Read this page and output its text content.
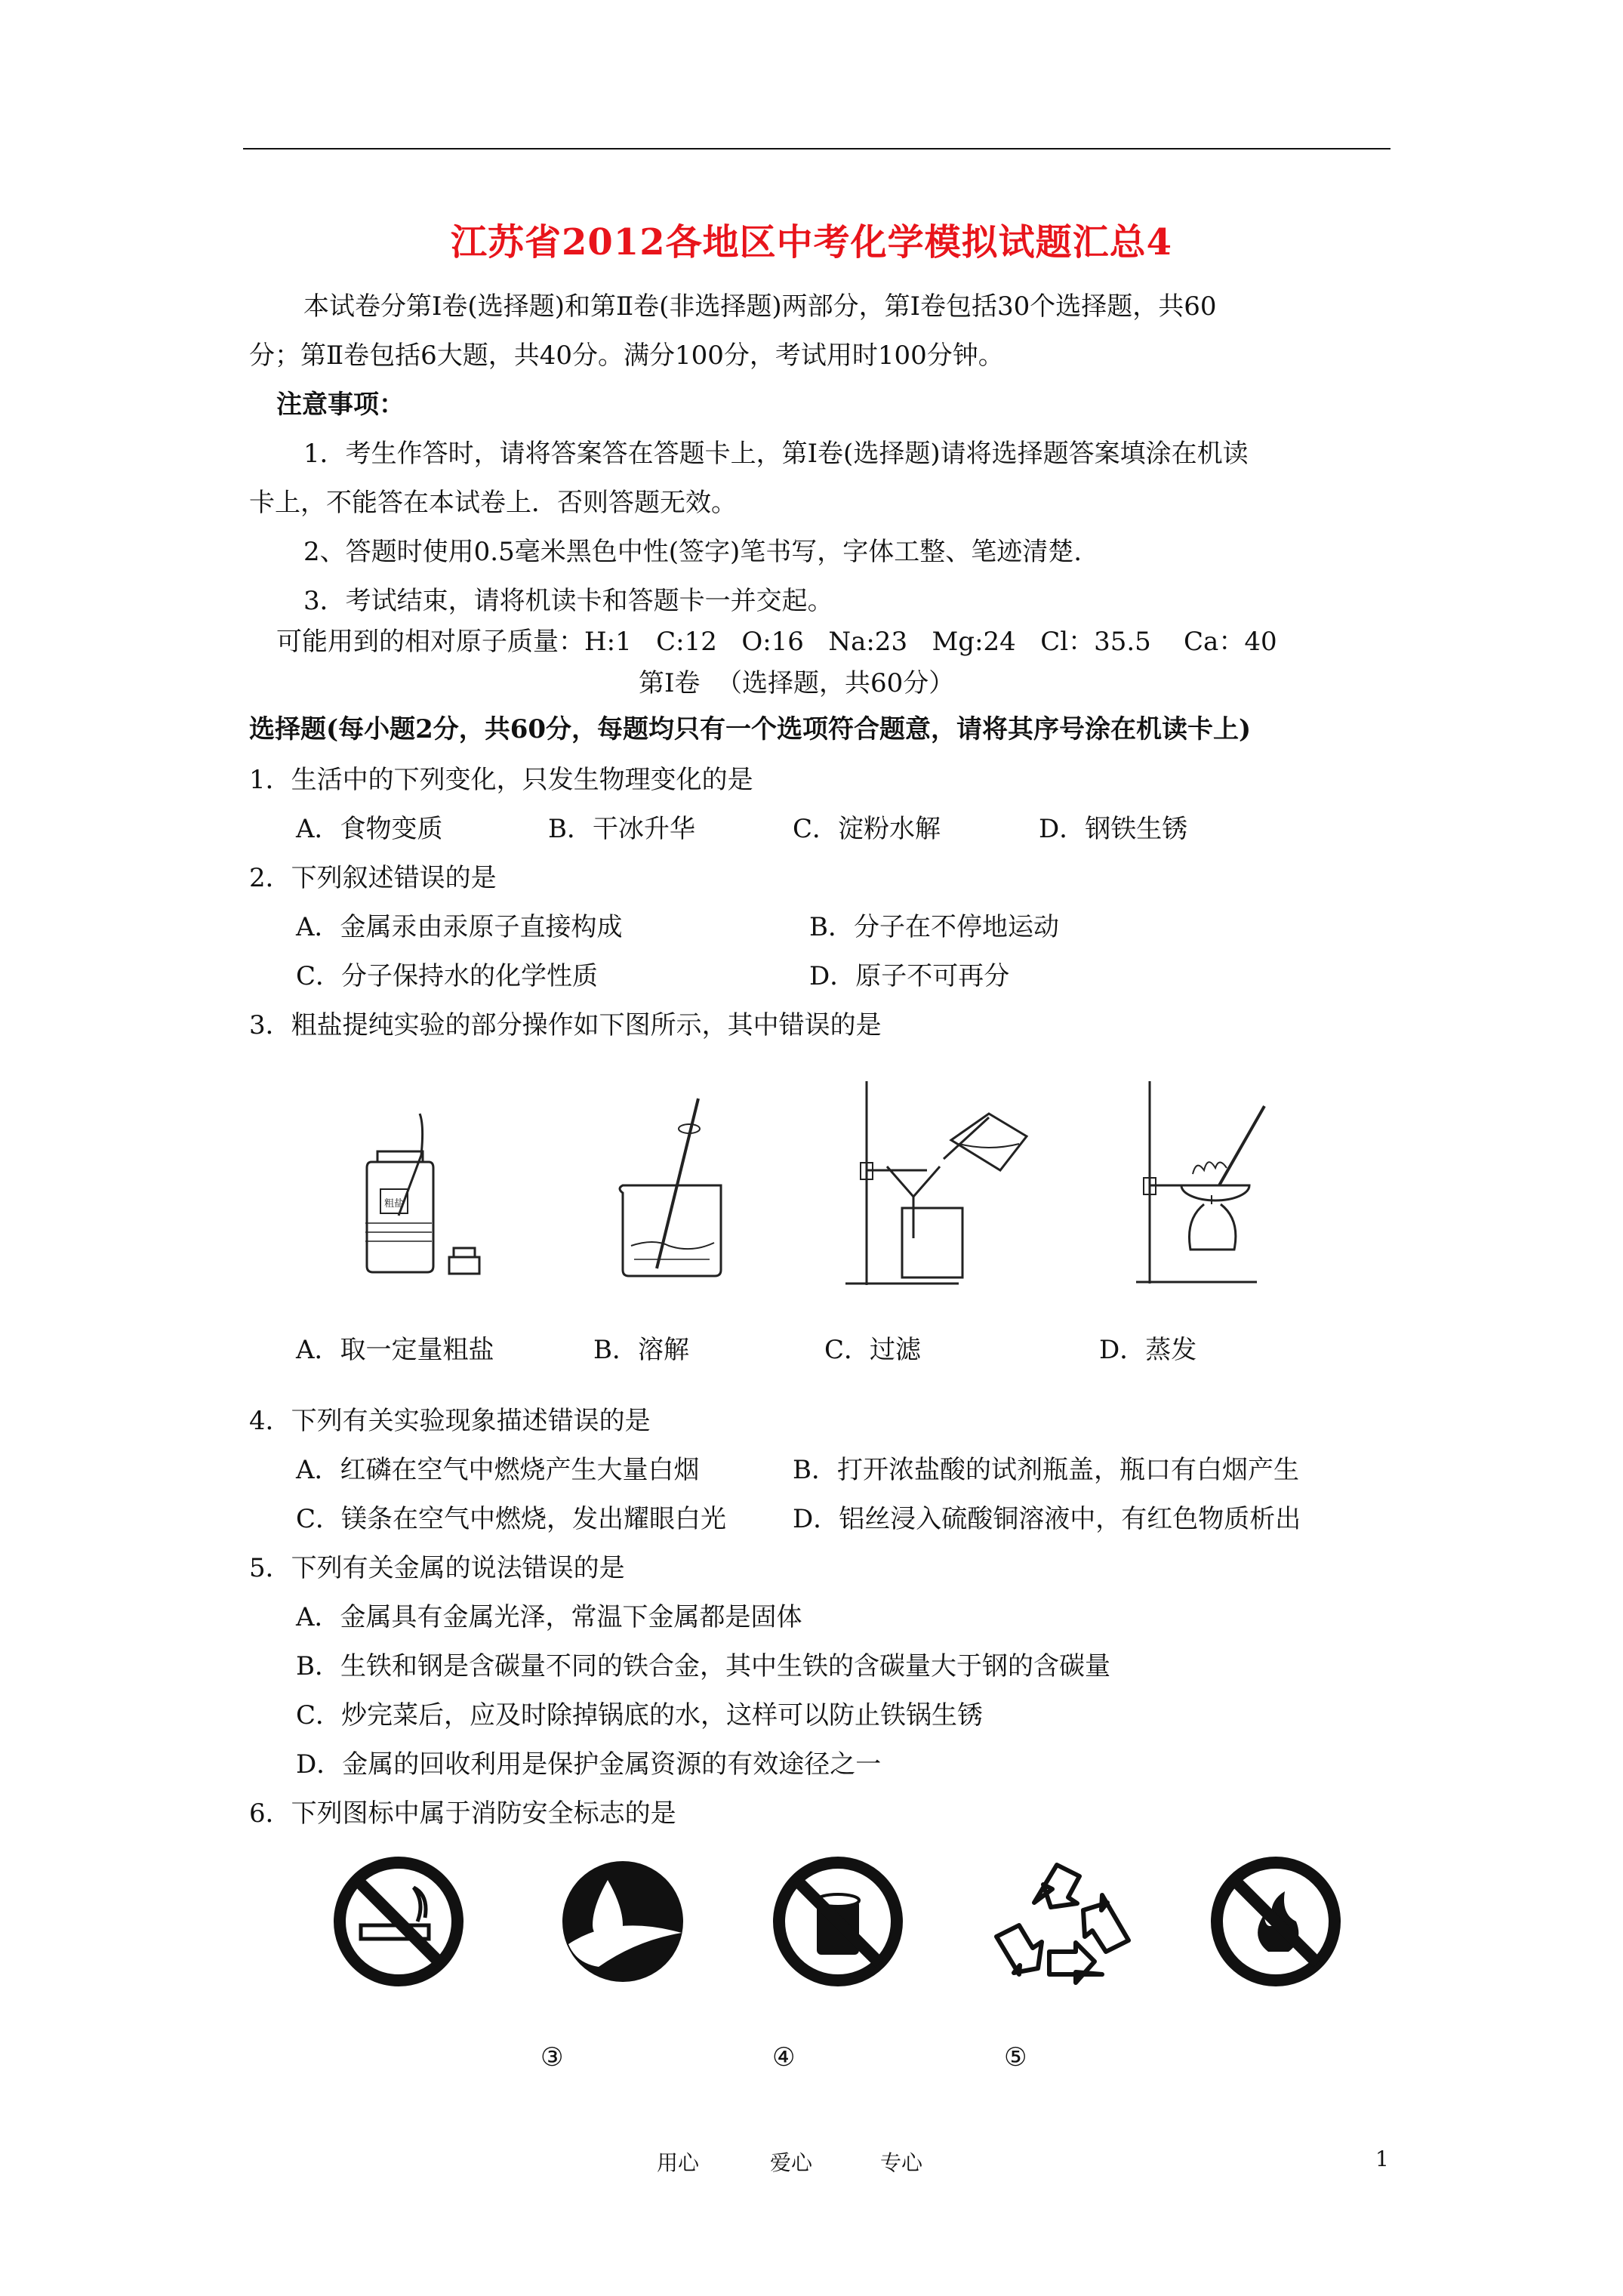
江苏省2012各地区中考化学模拟试题汇总4
本试卷分第Ⅰ卷(选择题)和第Ⅱ卷(非选择题)两部分，第Ⅰ卷包括30个选择题，共60
分；第Ⅱ卷包括6大题，共40分。满分100分，考试用时100分钟。
注意事项：
1．考生作答时，请将答案答在答题卡上，第Ⅰ卷(选择题)请将选择题答案填涂在机读
卡上，不能答在本试卷上．否则答题无效。
2、答题时使用0.5毫米黑色中性(签字)笔书写，字体工整、笔迹清楚.
3．考试结束，请将机读卡和答题卡一并交起。
可能用到的相对原子质量：H:1   C:12   O:16   Na:23   Mg:24   Cl：35.5    Ca：40
第Ⅰ卷  （选择题，共60分）
选择题(每小题2分，共60分，每题均只有一个选项符合题意，请将其序号涂在机读卡上)
1．生活中的下列变化，只发生物理变化的是
A．食物变质	B．干冰升华	C．淀粉水解	D．钢铁生锈
2．下列叙述错误的是
A．金属汞由汞原子直接构成	B．分子在不停地运动
C．分子保持水的化学性质	D．原子不可再分
3．粗盐提纯实验的部分操作如下图所示，其中错误的是
粗盐
A．取一定量粗盐	B．溶解	C．过滤	D．蒸发
4．下列有关实验现象描述错误的是
A．红磷在空气中燃烧产生大量白烟	B．打开浓盐酸的试剂瓶盖，瓶口有白烟产生
C．镁条在空气中燃烧，发出耀眼白光	D．铝丝浸入硫酸铜溶液中，有红色物质析出
5．下列有关金属的说法错误的是
A．金属具有金属光泽，常温下金属都是固体
B．生铁和钢是含碳量不同的铁合金，其中生铁的含碳量大于钢的含碳量
C．炒完菜后，应及时除掉锅底的水，这样可以防止铁锅生锈
D．金属的回收利用是保护金属资源的有效途径之一
6．下列图标中属于消防安全标志的是
③	④	⑤
用心	爱心	专心	1
